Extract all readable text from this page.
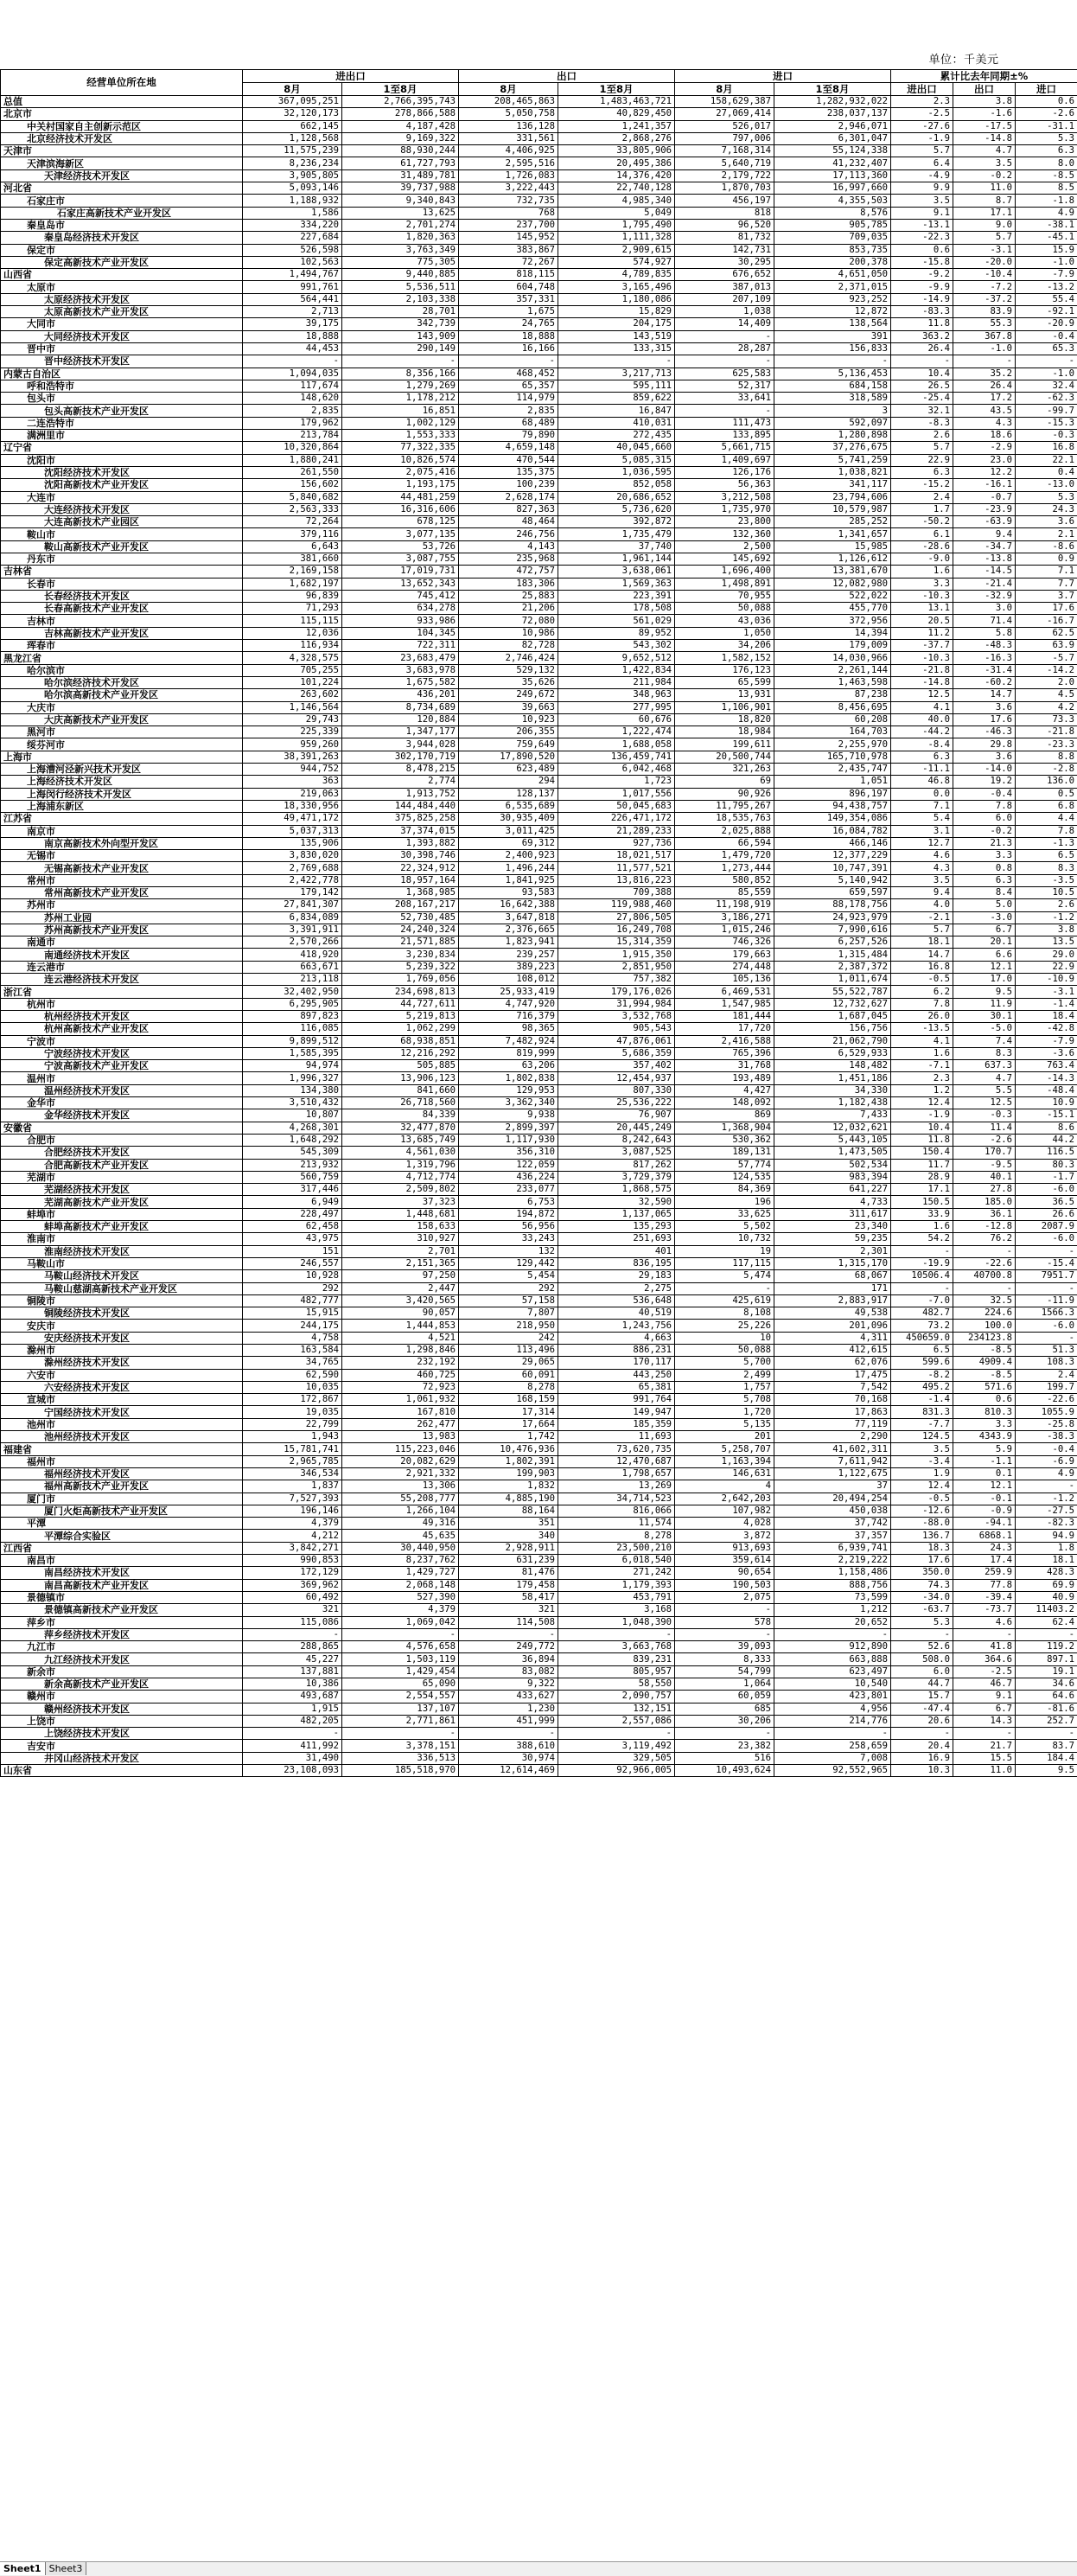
单位：千美元
经营单位所在地	进出口		出口		进口		累计比去年同期±%		
	8月	1至8月	8月	1至8月	8月	1至8月	进出口	出口	进口
总值	367,095,251	2,766,395,743	208,465,863	1,483,463,721	158,629,387	1,282,932,022	2.3	3.8	0.6
北京市	32,120,173	278,866,588	5,050,758	40,829,450	27,069,414	238,037,137	-2.5	-1.6	-2.6
中关村国家自主创新示范区	662,145	4,187,428	136,128	1,241,357	526,017	2,946,071	-27.6	-17.5	-31.1
北京经济技术开发区	1,128,568	9,169,322	331,561	2,868,276	797,006	6,301,047	-1.9	-14.8	5.3
天津市	11,575,239	88,930,244	4,406,925	33,805,906	7,168,314	55,124,338	5.7	4.7	6.3
天津滨海新区	8,236,234	61,727,793	2,595,516	20,495,386	5,640,719	41,232,407	6.4	3.5	8.0
天津经济技术开发区	3,905,805	31,489,781	1,726,083	14,376,420	2,179,722	17,113,360	-4.9	-0.2	-8.5
河北省	5,093,146	39,737,988	3,222,443	22,740,128	1,870,703	16,997,660	9.9	11.0	8.5
石家庄市	1,188,932	9,340,843	732,735	4,985,340	456,197	4,355,503	3.5	8.7	-1.8
石家庄高新技术产业开发区	1,586	13,625	768	5,049	818	8,576	9.1	17.1	4.9
秦皇岛市	334,220	2,701,274	237,700	1,795,490	96,520	905,785	-13.1	9.0	-38.1
秦皇岛经济技术开发区	227,684	1,820,363	145,952	1,111,328	81,732	709,035	-22.3	5.7	-45.1
保定市	526,598	3,763,349	383,867	2,909,615	142,731	853,735	0.6	-3.1	15.9
保定高新技术产业开发区	102,563	775,305	72,267	574,927	30,295	200,378	-15.8	-20.0	-1.0
山西省	1,494,767	9,440,885	818,115	4,789,835	676,652	4,651,050	-9.2	-10.4	-7.9
太原市	991,761	5,536,511	604,748	3,165,496	387,013	2,371,015	-9.9	-7.2	-13.2
太原经济技术开发区	564,441	2,103,338	357,331	1,180,086	207,109	923,252	-14.9	-37.2	55.4
太原高新技术产业开发区	2,713	28,701	1,675	15,829	1,038	12,872	-83.3	83.9	-92.1
大同市	39,175	342,739	24,765	204,175	14,409	138,564	11.8	55.3	-20.9
大同经济技术开发区	18,888	143,909	18,888	143,519	-	391	363.2	367.8	-0.4
晋中市	44,453	290,149	16,166	133,315	28,287	156,833	26.4	-1.0	65.3
晋中经济技术开发区	-	-	-	-	-	-	-	-	-
内蒙古自治区	1,094,035	8,356,166	468,452	3,217,713	625,583	5,136,453	10.4	35.2	-1.0
呼和浩特市	117,674	1,279,269	65,357	595,111	52,317	684,158	26.5	26.4	32.4
包头市	148,620	1,178,212	114,979	859,622	33,641	318,589	-25.4	17.2	-62.3
包头高新技术产业开发区	2,835	16,851	2,835	16,847	-	3	32.1	43.5	-99.7
二连浩特市	179,962	1,002,129	68,489	410,031	111,473	592,097	-8.3	4.3	-15.3
满洲里市	213,784	1,553,333	79,890	272,435	133,895	1,280,898	2.6	18.6	-0.3
辽宁省	10,320,864	77,322,335	4,659,148	40,045,660	5,661,715	37,276,675	5.7	-2.9	16.8
沈阳市	1,880,241	10,826,574	470,544	5,085,315	1,409,697	5,741,259	22.9	23.0	22.1
沈阳经济技术开发区	261,550	2,075,416	135,375	1,036,595	126,176	1,038,821	6.3	12.2	0.4
沈阳高新技术产业开发区	156,602	1,193,175	100,239	852,058	56,363	341,117	-15.2	-16.1	-13.0
大连市	5,840,682	44,481,259	2,628,174	20,686,652	3,212,508	23,794,606	2.4	-0.7	5.3
大连经济技术开发区	2,563,333	16,316,606	827,363	5,736,620	1,735,970	10,579,987	1.7	-23.9	24.3
大连高新技术产业园区	72,264	678,125	48,464	392,872	23,800	285,252	-50.2	-63.9	3.6
鞍山市	379,116	3,077,135	246,756	1,735,479	132,360	1,341,657	6.1	9.4	2.1
鞍山高新技术产业开发区	6,643	53,726	4,143	37,740	2,500	15,985	-28.6	-34.7	-8.6
丹东市	381,660	3,087,755	235,968	1,961,144	145,692	1,126,612	-9.0	-13.8	0.9
吉林省	2,169,158	17,019,731	472,757	3,638,061	1,696,400	13,381,670	1.6	-14.5	7.1
长春市	1,682,197	13,652,343	183,306	1,569,363	1,498,891	12,082,980	3.3	-21.4	7.7
长春经济技术开发区	96,839	745,412	25,883	223,391	70,955	522,022	-10.3	-32.9	3.7
长春高新技术产业开发区	71,293	634,278	21,206	178,508	50,088	455,770	13.1	3.0	17.6
吉林市	115,115	933,986	72,080	561,029	43,036	372,956	20.5	71.4	-16.7
吉林高新技术产业开发区	12,036	104,345	10,986	89,952	1,050	14,394	11.2	5.8	62.5
珲春市	116,934	722,311	82,728	543,302	34,206	179,009	-37.7	-48.3	63.9
黑龙江省	4,328,575	23,683,479	2,746,424	9,652,512	1,582,152	14,030,966	-10.3	-16.3	-5.7
哈尔滨市	705,255	3,683,978	529,132	1,422,834	176,123	2,261,144	-21.8	-31.4	-14.2
哈尔滨经济技术开发区	101,224	1,675,582	35,626	211,984	65,599	1,463,598	-14.8	-60.2	2.0
哈尔滨高新技术产业开发区	263,602	436,201	249,672	348,963	13,931	87,238	12.5	14.7	4.5
大庆市	1,146,564	8,734,689	39,663	277,995	1,106,901	8,456,695	4.1	3.6	4.2
大庆高新技术产业开发区	29,743	120,884	10,923	60,676	18,820	60,208	40.0	17.6	73.3
黑河市	225,339	1,347,177	206,355	1,222,474	18,984	164,703	-44.2	-46.3	-21.8
绥芬河市	959,260	3,944,028	759,649	1,688,058	199,611	2,255,970	-8.4	29.8	-23.3
上海市	38,391,263	302,170,719	17,890,520	136,459,741	20,500,744	165,710,978	6.3	3.6	8.8
上海漕河泾新兴技术开发区	944,752	8,478,215	623,489	6,042,468	321,263	2,435,747	-11.1	-14.0	-2.8
上海经济技术开发区	363	2,774	294	1,723	69	1,051	46.8	19.2	136.0
上海闵行经济技术开发区	219,063	1,913,752	128,137	1,017,556	90,926	896,197	0.0	-0.4	0.5
上海浦东新区	18,330,956	144,484,440	6,535,689	50,045,683	11,795,267	94,438,757	7.1	7.8	6.8
江苏省	49,471,172	375,825,258	30,935,409	226,471,172	18,535,763	149,354,086	5.4	6.0	4.4
南京市	5,037,313	37,374,015	3,011,425	21,289,233	2,025,888	16,084,782	3.1	-0.2	7.8
南京高新技术外向型开发区	135,906	1,393,882	69,312	927,736	66,594	466,146	12.7	21.3	-1.3
无锡市	3,830,020	30,398,746	2,400,923	18,021,517	1,479,720	12,377,229	4.6	3.3	6.5
无锡高新技术产业开发区	2,769,688	22,324,912	1,496,244	11,577,521	1,273,444	10,747,391	4.3	0.8	8.3
常州市	2,422,778	18,957,164	1,841,925	13,816,223	580,852	5,140,942	3.5	6.3	-3.5
常州高新技术产业开发区	179,142	1,368,985	93,583	709,388	85,559	659,597	9.4	8.4	10.5
苏州市	27,841,307	208,167,217	16,642,388	119,988,460	11,198,919	88,178,756	4.0	5.0	2.6
苏州工业园	6,834,089	52,730,485	3,647,818	27,806,505	3,186,271	24,923,979	-2.1	-3.0	-1.2
苏州高新技术产业开发区	3,391,911	24,240,324	2,376,665	16,249,708	1,015,246	7,990,616	5.7	6.7	3.8
南通市	2,570,266	21,571,885	1,823,941	15,314,359	746,326	6,257,526	18.1	20.1	13.5
南通经济技术开发区	418,920	3,230,834	239,257	1,915,350	179,663	1,315,484	14.7	6.6	29.0
连云港市	663,671	5,239,322	389,223	2,851,950	274,448	2,387,372	16.8	12.1	22.9
连云港经济技术开发区	213,118	1,769,056	108,012	757,382	105,136	1,011,674	-0.5	17.0	-10.9
浙江省	32,402,950	234,698,813	25,933,419	179,176,026	6,469,531	55,522,787	6.2	9.5	-3.1
杭州市	6,295,905	44,727,611	4,747,920	31,994,984	1,547,985	12,732,627	7.8	11.9	-1.4
杭州经济技术开发区	897,823	5,219,813	716,379	3,532,768	181,444	1,687,045	26.0	30.1	18.4
杭州高新技术产业开发区	116,085	1,062,299	98,365	905,543	17,720	156,756	-13.5	-5.0	-42.8
宁波市	9,899,512	68,938,851	7,482,924	47,876,061	2,416,588	21,062,790	4.1	7.4	-7.9
宁波经济技术开发区	1,585,395	12,216,292	819,999	5,686,359	765,396	6,529,933	1.6	8.3	-3.6
宁波高新技术产业开发区	94,974	505,885	63,206	357,402	31,768	148,482	-7.1	637.3	763.4
温州市	1,996,327	13,906,123	1,802,838	12,454,937	193,489	1,451,186	2.3	4.7	-14.3
温州经济技术开发区	134,380	841,660	129,953	807,330	4,427	34,330	1.2	5.5	-48.4
金华市	3,510,432	26,718,560	3,362,340	25,536,222	148,092	1,182,438	12.4	12.5	10.9
金华经济技术开发区	10,807	84,339	9,938	76,907	869	7,433	-1.9	-0.3	-15.1
安徽省	4,268,301	32,477,870	2,899,397	20,445,249	1,368,904	12,032,621	10.4	11.4	8.6
合肥市	1,648,292	13,685,749	1,117,930	8,242,643	530,362	5,443,105	11.8	-2.6	44.2
合肥经济技术开发区	545,309	4,561,030	356,310	3,087,525	189,131	1,473,505	150.4	170.7	116.5
合肥高新技术产业开发区	213,932	1,319,796	122,059	817,262	57,774	502,534	11.7	-9.5	80.3
芜湖市	560,759	4,712,774	436,224	3,729,379	124,535	983,394	28.9	40.1	-1.7
芜湖经济技术开发区	317,446	2,509,802	233,077	1,868,575	84,369	641,227	17.1	27.8	-6.0
芜湖高新技术产业开发区	6,949	37,323	6,753	32,590	196	4,733	150.5	185.0	36.5
蚌埠市	228,497	1,448,681	194,872	1,137,065	33,625	311,617	33.9	36.1	26.6
蚌埠高新技术产业开发区	62,458	158,633	56,956	135,293	5,502	23,340	1.6	-12.8	2087.9
淮南市	43,975	310,927	33,243	251,693	10,732	59,235	54.2	76.2	-6.0
淮南经济技术开发区	151	2,701	132	401	19	2,301	-	-	-
马鞍山市	246,557	2,151,365	129,442	836,195	117,115	1,315,170	-19.9	-22.6	-15.4
马鞍山经济技术开发区	10,928	97,250	5,454	29,183	5,474	68,067	10506.4	40700.8	7951.7
马鞍山慈湖高新技术产业开发区	292	2,447	292	2,275	-	171	-	-	-
铜陵市	482,777	3,420,565	57,158	536,648	425,619	2,883,917	-7.0	32.5	-11.9
铜陵经济技术开发区	15,915	90,057	7,807	40,519	8,108	49,538	482.7	224.6	1566.3
安庆市	244,175	1,444,853	218,950	1,243,756	25,226	201,096	73.2	100.0	-6.0
安庆经济技术开发区	4,758	4,521	242	4,663	10	4,311	450659.0	234123.8	-
滁州市	163,584	1,298,846	113,496	886,231	50,088	412,615	6.5	-8.5	51.3
滁州经济技术开发区	34,765	232,192	29,065	170,117	5,700	62,076	599.6	4909.4	108.3
六安市	62,590	460,725	60,091	443,250	2,499	17,475	-8.2	-8.5	2.4
六安经济技术开发区	10,035	72,923	8,278	65,381	1,757	7,542	495.2	571.6	199.7
宣城市	172,867	1,061,932	168,159	991,764	5,708	70,168	-1.4	0.6	-22.6
宁国经济技术开发区	19,035	167,810	17,314	149,947	1,720	17,863	831.3	810.3	1055.9
池州市	22,799	262,477	17,664	185,359	5,135	77,119	-7.7	3.3	-25.8
池州经济技术开发区	1,943	13,983	1,742	11,693	201	2,290	124.5	4343.9	-38.3
福建省	15,781,741	115,223,046	10,476,936	73,620,735	5,258,707	41,602,311	3.5	5.9	-0.4
福州市	2,965,785	20,082,629	1,802,391	12,470,687	1,163,394	7,611,942	-3.4	-1.1	-6.9
福州经济技术开发区	346,534	2,921,332	199,903	1,798,657	146,631	1,122,675	1.9	0.1	4.9
福州高新技术产业开发区	1,837	13,306	1,832	13,269	4	37	12.4	12.1	-
厦门市	7,527,393	55,208,777	4,885,190	34,714,523	2,642,203	20,494,254	-0.5	-0.1	-1.2
厦门火炬高新技术产业开发区	196,146	1,266,104	88,164	816,066	107,982	450,038	-12.6	-0.9	-27.5
平潭	4,379	49,316	351	11,574	4,028	37,742	-88.0	-94.1	-82.3
平潭综合实验区	4,212	45,635	340	8,278	3,872	37,357	136.7	6868.1	94.9
江西省	3,842,271	30,440,950	2,928,911	23,500,210	913,693	6,939,741	18.3	24.3	1.8
南昌市	990,853	8,237,762	631,239	6,018,540	359,614	2,219,222	17.6	17.4	18.1
南昌经济技术开发区	172,129	1,429,727	81,476	271,242	90,654	1,158,486	350.0	259.9	428.3
南昌高新技术产业开发区	369,962	2,068,148	179,458	1,179,393	190,503	888,756	74.3	77.8	69.9
景德镇市	60,492	527,390	58,417	453,791	2,075	73,599	-34.0	-39.4	40.9
景德镇高新技术产业开发区	321	4,379	321	3,168	-	1,212	-63.7	-73.7	11403.2
萍乡市	115,086	1,069,042	114,508	1,048,390	578	20,652	5.3	4.6	62.4
萍乡经济技术开发区	-	-	-	-	-	-	-	-	-
九江市	288,865	4,576,658	249,772	3,663,768	39,093	912,890	52.6	41.8	119.2
九江经济技术开发区	45,227	1,503,119	36,894	839,231	8,333	663,888	508.0	364.6	897.1
新余市	137,881	1,429,454	83,082	805,957	54,799	623,497	6.0	-2.5	19.1
新余高新技术产业开发区	10,386	65,090	9,322	58,550	1,064	10,540	44.7	46.7	34.6
赣州市	493,687	2,554,557	433,627	2,090,757	60,059	423,801	15.7	9.1	64.6
赣州经济技术开发区	1,915	137,107	1,230	132,151	685	4,956	-47.4	6.7	-81.6
上饶市	482,205	2,771,861	451,999	2,557,086	30,206	214,776	20.6	14.3	252.7
上饶经济技术开发区	-	-	-	-	-	-	-	-	-
吉安市	411,992	3,378,151	388,610	3,119,492	23,382	258,659	20.4	21.7	83.7
井冈山经济技术开发区	31,490	336,513	30,974	329,505	516	7,008	16.9	15.5	184.4
山东省	23,108,093	185,518,970	12,614,469	92,966,005	10,493,624	92,552,965	10.3	11.0	9.5
Sheet1 Sheet3
